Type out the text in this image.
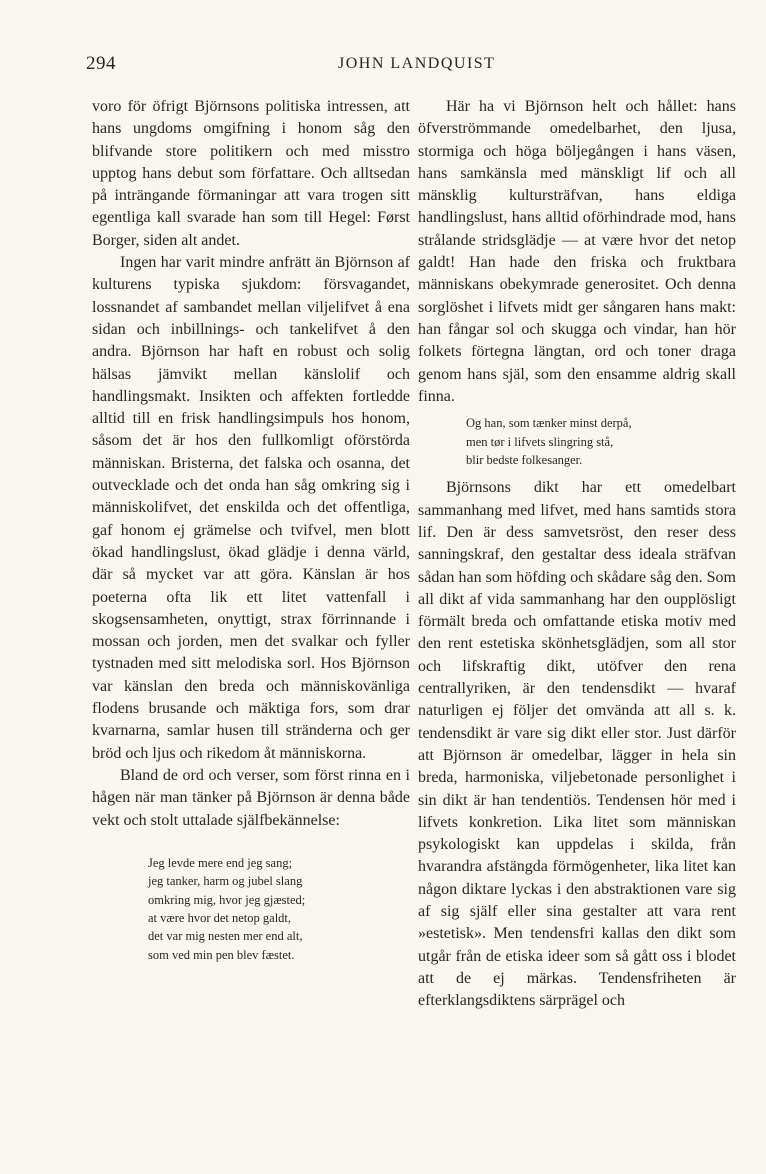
294	JOHN LANDQUIST

voro för öfrigt Björnsons politiska intressen, att hans ungdoms omgifning i honom såg den blifvande store politikern och med misstro upptog hans debut som författare. Och alltsedan på inträngande förmaningar att vara trogen sitt egentliga kall svarade han som till Hegel: Først Borger, siden alt andet.

Ingen har varit mindre anfrätt än Björnson af kulturens typiska sjukdom: försvagandet, lossnandet af sambandet mellan viljelifvet å ena sidan och inbillnings- och tankelifvet å den andra. Björnson har haft en robust och solig hälsas jämvikt mellan känslolif och handlingsmakt. Insikten och affekten fortledde alltid till en frisk handlingsimpuls hos honom, såsom det är hos den fullkomligt oförstörda människan. Bristerna, det falska och osanna, det outvecklade och det onda han såg omkring sig i människolifvet, det enskilda och det offentliga, gaf honom ej grämelse och tvifvel, men blott ökad handlingslust, ökad glädje i denna värld, där så mycket var att göra. Känslan är hos poeterna ofta lik ett litet vattenfall i skogsensamheten, onyttigt, strax förrinnande i mossan och jorden, men det svalkar och fyller tystnaden med sitt melodiska sorl. Hos Björnson var känslan den breda och människovänliga flodens brusande och mäktiga fors, som drar kvarnarna, samlar husen till stränderna och ger bröd och ljus och rikedom åt människorna.

Bland de ord och verser, som först rinna en i hågen när man tänker på Björnson är denna både vekt och stolt uttalade själfbekännelse:

Jeg levde mere end jeg sang;
jeg tanker, harm og jubel slang
omkring mig, hvor jeg gjæsted;
at være hvor det netop galdt,
det var mig nesten mer end alt,
som ved min pen blev fæstet.

Här ha vi Björnson helt och hållet: hans öfverströmmande omedelbarhet, den ljusa, stormiga och höga böljegången i hans väsen, hans samkänsla med mänskligt lif och all mänsklig kultursträfvan, hans eldiga handlingslust, hans alltid oförhindrade mod, hans strålande stridsglädje — at være hvor det netop galdt! Han hade den friska och fruktbara människans obekymrade generositet. Och denna sorglöshet i lifvets midt ger sångaren hans makt: han fångar sol och skugga och vindar, han hör folkets förtegna längtan, ord och toner draga genom hans själ, som den ensamme aldrig skall finna.

Og han, som tænker minst derpå,
men tør i lifvets slingring stå,
blir bedste folkesanger.

Björnsons dikt har ett omedelbart sammanhang med lifvet, med hans samtids stora lif. Den är dess samvetsröst, den reser dess sanningskraf, den gestaltar dess ideala sträfvan sådan han som höfding och skådare såg den. Som all dikt af vida sammanhang har den oupplösligt förmält breda och omfattande etiska motiv med den rent estetiska skönhetsglädjen, som all stor och lifskraftig dikt, utöfver den rena centrallyriken, är den tendensdikt — hvaraf naturligen ej följer det omvända att all s. k. tendensdikt är vare sig dikt eller stor. Just därför att Björnson är omedelbar, lägger in hela sin breda, harmoniska, viljebetonade personlighet i sin dikt är han tendentiös. Tendensen hör med i lifvets konkretion. Lika litet som människan psykologiskt kan uppdelas i skilda, från hvarandra afstängda förmögenheter, lika litet kan någon diktare lyckas i den abstraktionen vare sig af sig själf eller sina gestalter att vara rent »estetisk». Men tendensfri kallas den dikt som utgår från de etiska ideer som så gått oss i blodet att de ej märkas. Tendensfriheten är efterklangsdiktens särprägel och
